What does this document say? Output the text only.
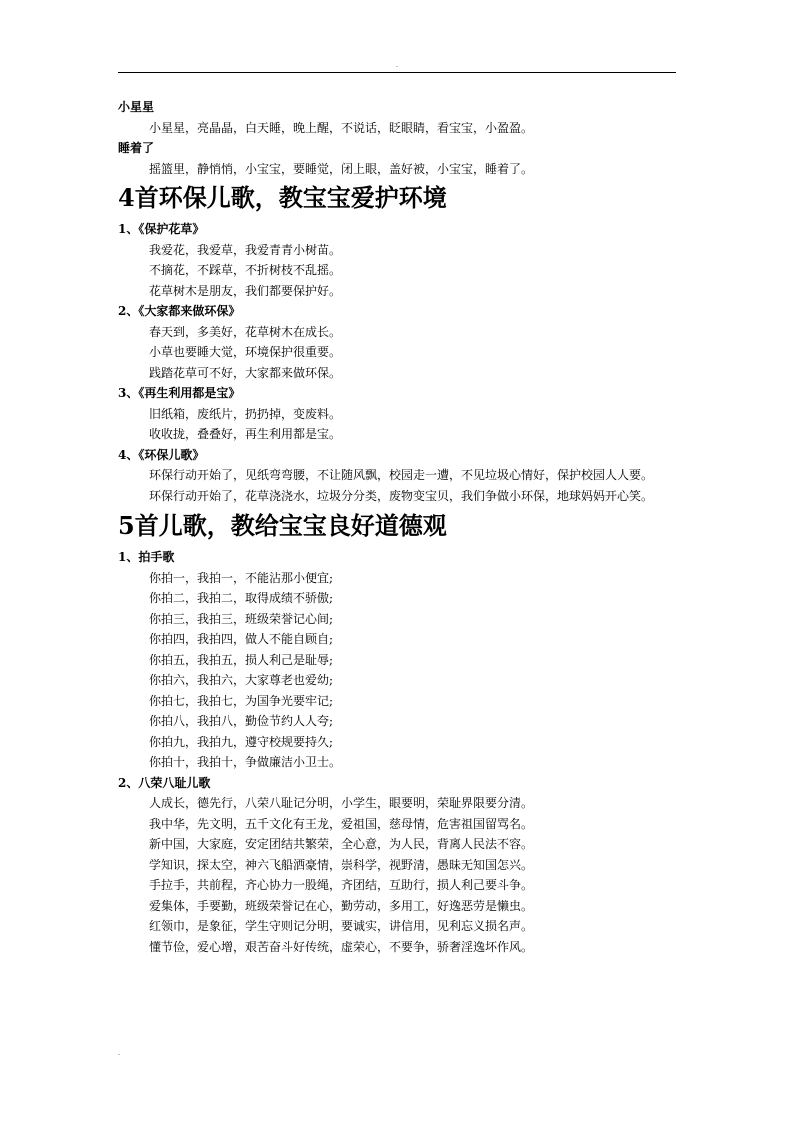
.
小星星
小星星，亮晶晶，白天睡，晚上醒，不说话，眨眼睛，看宝宝，小盈盈。
睡着了
摇篮里，静悄悄，小宝宝，要睡觉，闭上眼，盖好被，小宝宝，睡着了。
4首环保儿歌，教宝宝爱护环境
1、《保护花草》
我爱花，我爱草，我爱青青小树苗。
不摘花，不踩草，不折树枝不乱摇。
花草树木是朋友，我们都要保护好。
2、《大家都来做环保》
春天到，多美好，花草树木在成长。
小草也要睡大觉，环境保护很重要。
践踏花草可不好，大家都来做环保。
3、《再生利用都是宝》
旧纸箱，废纸片，扔扔掉，变废料。
收收拢，叠叠好，再生利用都是宝。
4、《环保儿歌》
环保行动开始了，见纸弯弯腰，不让随风飘，校园走一遭，不见垃圾心情好，保护校园人人要。
环保行动开始了，花草浇浇水，垃圾分分类，废物变宝贝，我们争做小环保，地球妈妈开心笑。
5首儿歌，教给宝宝良好道德观
1、拍手歌
你拍一，我拍一，不能沾那小便宜;
你拍二，我拍二，取得成绩不骄傲;
你拍三，我拍三，班级荣誉记心间;
你拍四，我拍四，做人不能自顾自;
你拍五，我拍五，损人利己是耻辱;
你拍六，我拍六，大家尊老也爱幼;
你拍七，我拍七，为国争光要牢记;
你拍八，我拍八，勤俭节约人人夸;
你拍九，我拍九，遵守校规要持久;
你拍十，我拍十，争做廉洁小卫士。
2、八荣八耻儿歌
人成长，德先行，八荣八耻记分明，小学生，眼要明，荣耻界限要分清。
我中华，先文明，五千文化有王龙，爱祖国，慈母情，危害祖国留骂名。
新中国，大家庭，安定团结共繁荣，全心意，为人民，背离人民法不容。
学知识，探太空，神六飞船洒豪情，崇科学，视野清，愚昧无知国怎兴。
手拉手，共前程，齐心协力一股绳，齐团结，互助行，损人利己要斗争。
爱集体，手要勤，班级荣誉记在心，勤劳动，多用工，好逸恶劳是懒虫。
红领巾，是象征，学生守则记分明，要诚实，讲信用，见利忘义损名声。
懂节俭，爱心增，艰苦奋斗好传统，虚荣心，不要争，骄奢淫逸坏作风。
.
